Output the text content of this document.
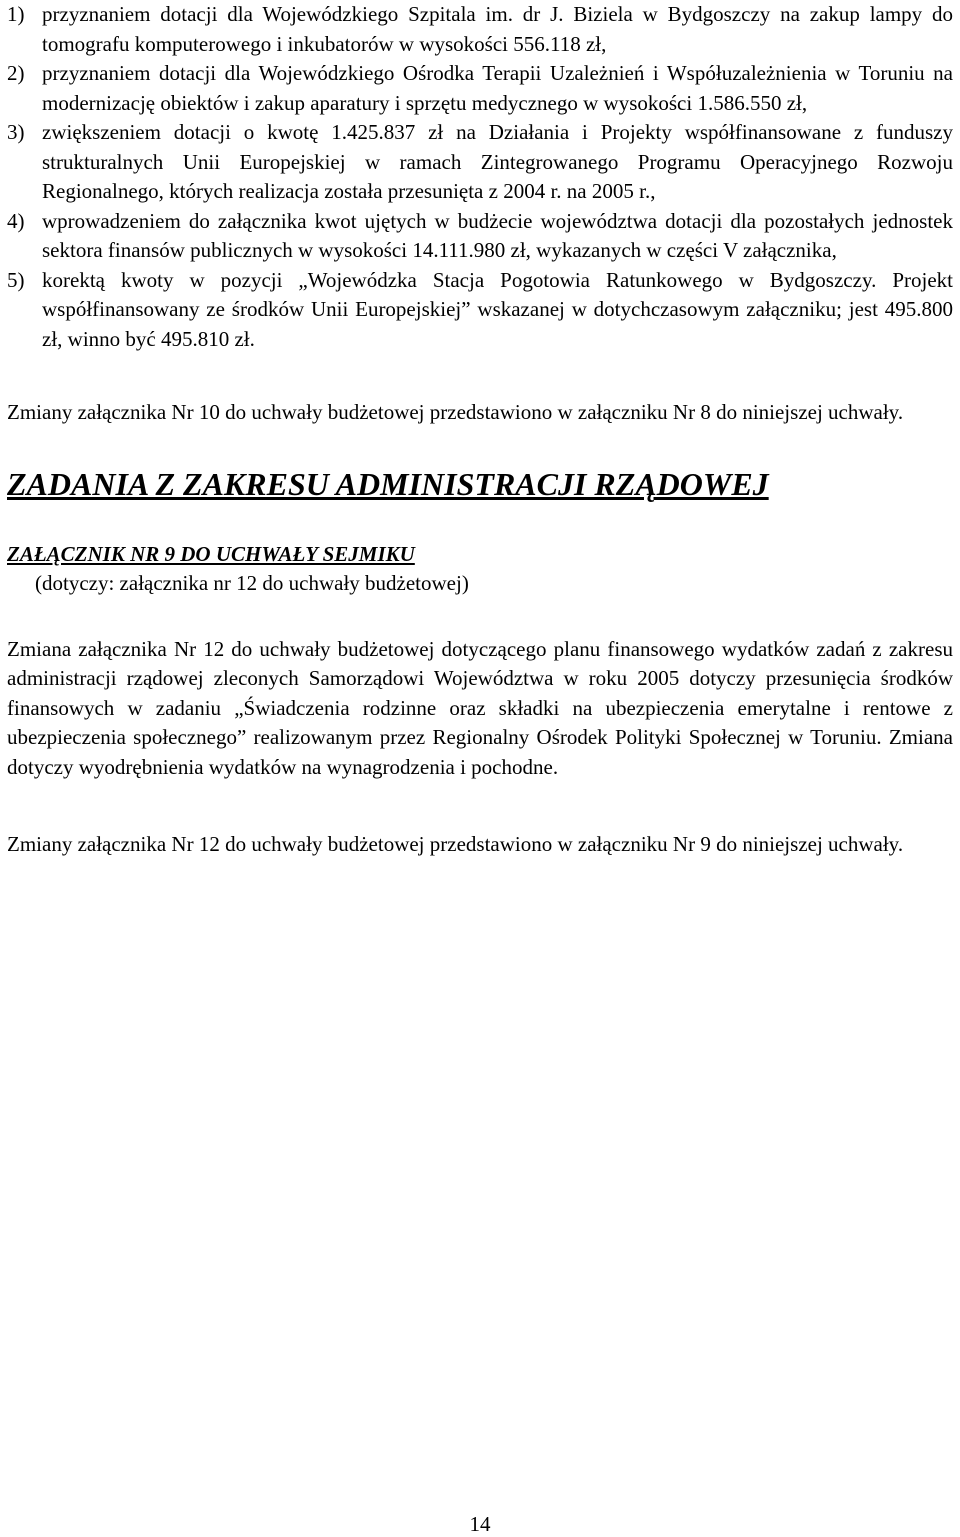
1) przyznaniem dotacji dla Wojewódzkiego Szpitala im. dr J. Biziela w Bydgoszczy na zakup lampy do tomografu komputerowego i inkubatorów w wysokości 556.118 zł,
2) przyznaniem dotacji dla Wojewódzkiego Ośrodka Terapii Uzależnień i Współuzależnienia w Toruniu na modernizację obiektów i zakup aparatury i sprzętu medycznego w wysokości 1.586.550 zł,
3) zwiększeniem dotacji o kwotę 1.425.837 zł na Działania i Projekty współfinansowane z funduszy strukturalnych Unii Europejskiej w ramach Zintegrowanego Programu Operacyjnego Rozwoju Regionalnego, których realizacja została przesunięta z 2004 r. na 2005 r.,
4) wprowadzeniem do załącznika kwot ujętych w budżecie województwa dotacji dla pozostałych jednostek sektora finansów publicznych w wysokości 14.111.980 zł, wykazanych w części V załącznika,
5) korektą kwoty w pozycji „Wojewódzka Stacja Pogotowia Ratunkowego w Bydgoszczy. Projekt współfinansowany ze środków Unii Europejskiej” wskazanej w dotychczasowym załączniku; jest 495.800 zł, winno być 495.810 zł.

Zmiany załącznika Nr 10 do uchwały budżetowej przedstawiono w załączniku Nr 8 do niniejszej uchwały.

ZADANIA Z ZAKRESU ADMINISTRACJI RZĄDOWEJ
ZAŁĄCZNIK NR 9 DO UCHWAŁY SEJMIKU

(dotyczy: załącznika nr 12 do uchwały budżetowej)

Zmiana załącznika Nr 12 do uchwały budżetowej dotyczącego planu finansowego wydatków zadań z zakresu administracji rządowej zleconych Samorządowi Województwa w roku 2005 dotyczy przesunięcia środków finansowych w zadaniu „Świadczenia rodzinne oraz składki na ubezpieczenia emerytalne i rentowe z ubezpieczenia społecznego” realizowanym przez Regionalny Ośrodek Polityki Społecznej w Toruniu. Zmiana dotyczy wyodrębnienia wydatków na wynagrodzenia i pochodne.

Zmiany załącznika Nr 12 do uchwały budżetowej przedstawiono w załączniku Nr 9 do niniejszej uchwały.

14
